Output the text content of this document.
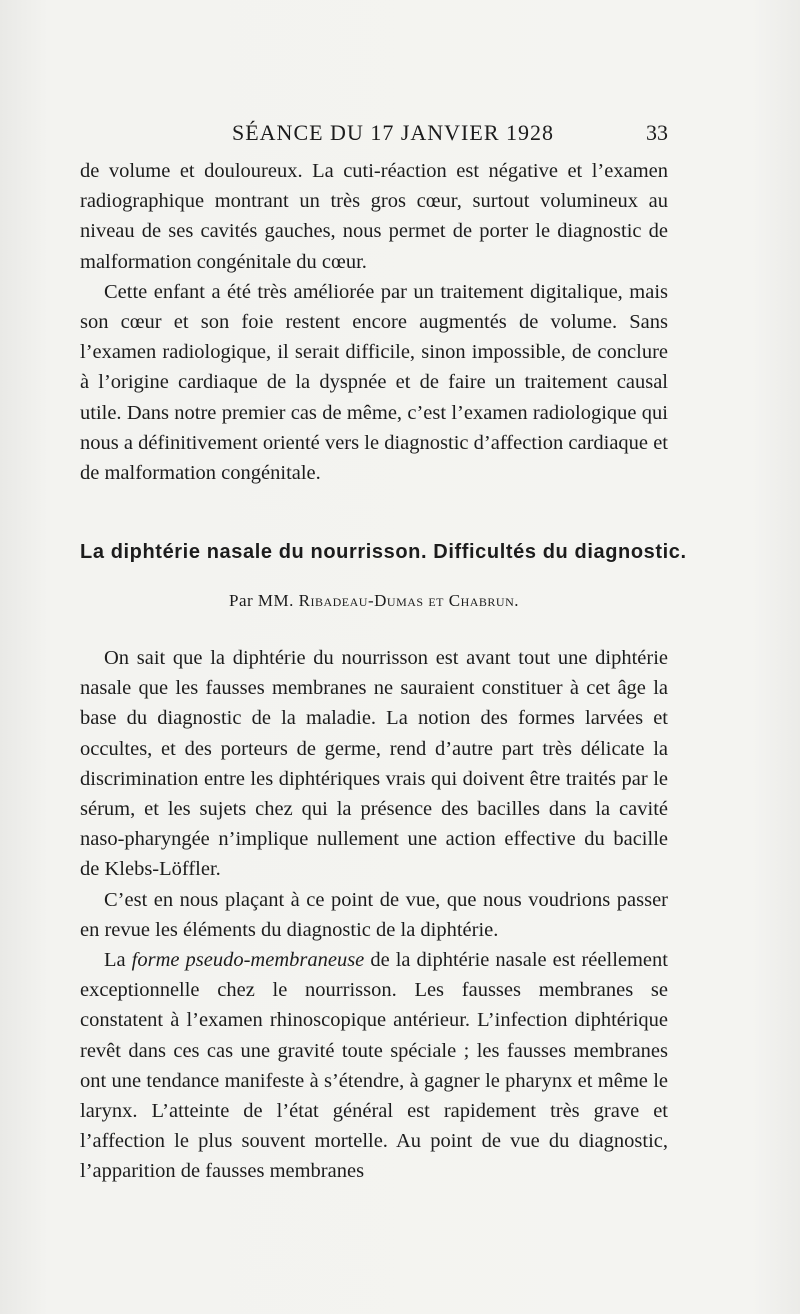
SÉANCE DU 17 JANVIER 1928	33

de volume et douloureux. La cuti-réaction est négative et l’examen radiographique montrant un très gros cœur, surtout volumineux au niveau de ses cavités gauches, nous permet de porter le diagnostic de malformation congénitale du cœur.

Cette enfant a été très améliorée par un traitement digitalique, mais son cœur et son foie restent encore augmentés de volume. Sans l’examen radiologique, il serait difficile, sinon impossible, de conclure à l’origine cardiaque de la dyspnée et de faire un traitement causal utile. Dans notre premier cas de même, c’est l’examen radiologique qui nous a définitivement orienté vers le diagnostic d’affection cardiaque et de malformation congénitale.

La diphtérie nasale du nourrisson. Difficultés du diagnostic.
Par MM. Ribadeau-Dumas et Chabrun.

On sait que la diphtérie du nourrisson est avant tout une diphtérie nasale que les fausses membranes ne sauraient constituer à cet âge la base du diagnostic de la maladie. La notion des formes larvées et occultes, et des porteurs de germe, rend d’autre part très délicate la discrimination entre les diphtériques vrais qui doivent être traités par le sérum, et les sujets chez qui la présence des bacilles dans la cavité naso-pharyngée n’implique nullement une action effective du bacille de Klebs-Löffler.

C’est en nous plaçant à ce point de vue, que nous voudrions passer en revue les éléments du diagnostic de la diphtérie.

La forme pseudo-membraneuse de la diphtérie nasale est réellement exceptionnelle chez le nourrisson. Les fausses membranes se constatent à l’examen rhinoscopique antérieur. L’infection diphtérique revêt dans ces cas une gravité toute spéciale ; les fausses membranes ont une tendance manifeste à s’étendre, à gagner le pharynx et même le larynx. L’atteinte de l’état général est rapidement très grave et l’affection le plus souvent mortelle. Au point de vue du diagnostic, l’apparition de fausses membranes
